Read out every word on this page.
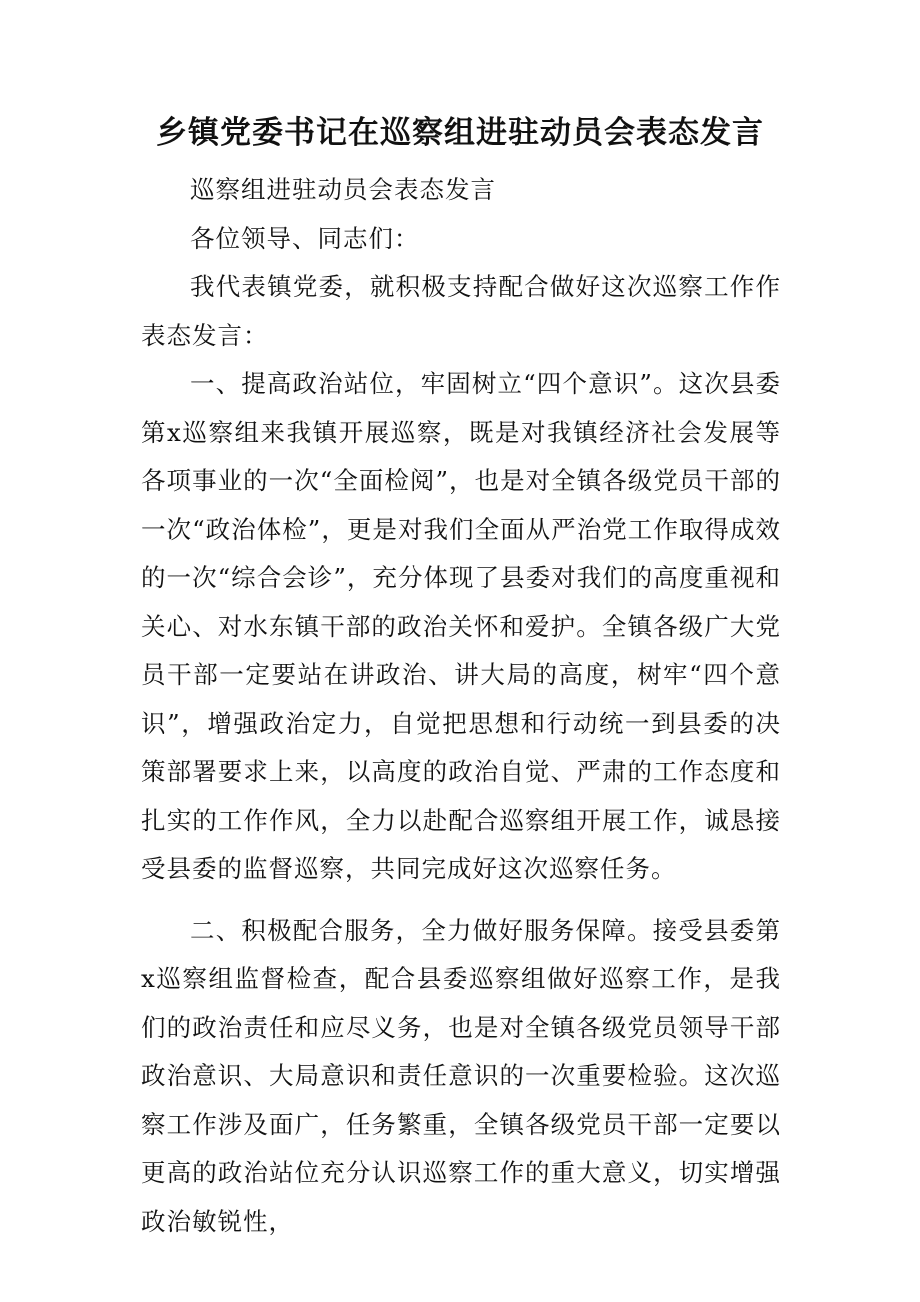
乡镇党委书记在巡察组进驻动员会表态发言

巡察组进驻动员会表态发言

各位领导、同志们：

我代表镇党委，就积极支持配合做好这次巡察工作作表态发言：

一、提高政治站位，牢固树立“四个意识”。这次县委第x巡察组来我镇开展巡察，既是对我镇经济社会发展等各项事业的一次“全面检阅”，也是对全镇各级党员干部的一次“政治体检”，更是对我们全面从严治党工作取得成效的一次“综合会诊”，充分体现了县委对我们的高度重视和关心、对水东镇干部的政治关怀和爱护。全镇各级广大党员干部一定要站在讲政治、讲大局的高度，树牢“四个意识”，增强政治定力，自觉把思想和行动统一到县委的决策部署要求上来，以高度的政治自觉、严肃的工作态度和扎实的工作作风，全力以赴配合巡察组开展工作，诚恳接受县委的监督巡察，共同完成好这次巡察任务。

二、积极配合服务，全力做好服务保障。接受县委第x巡察组监督检查，配合县委巡察组做好巡察工作，是我们的政治责任和应尽义务，也是对全镇各级党员领导干部政治意识、大局意识和责任意识的一次重要检验。这次巡察工作涉及面广，任务繁重，全镇各级党员干部一定要以更高的政治站位充分认识巡察工作的重大意义，切实增强政治敏锐性，
